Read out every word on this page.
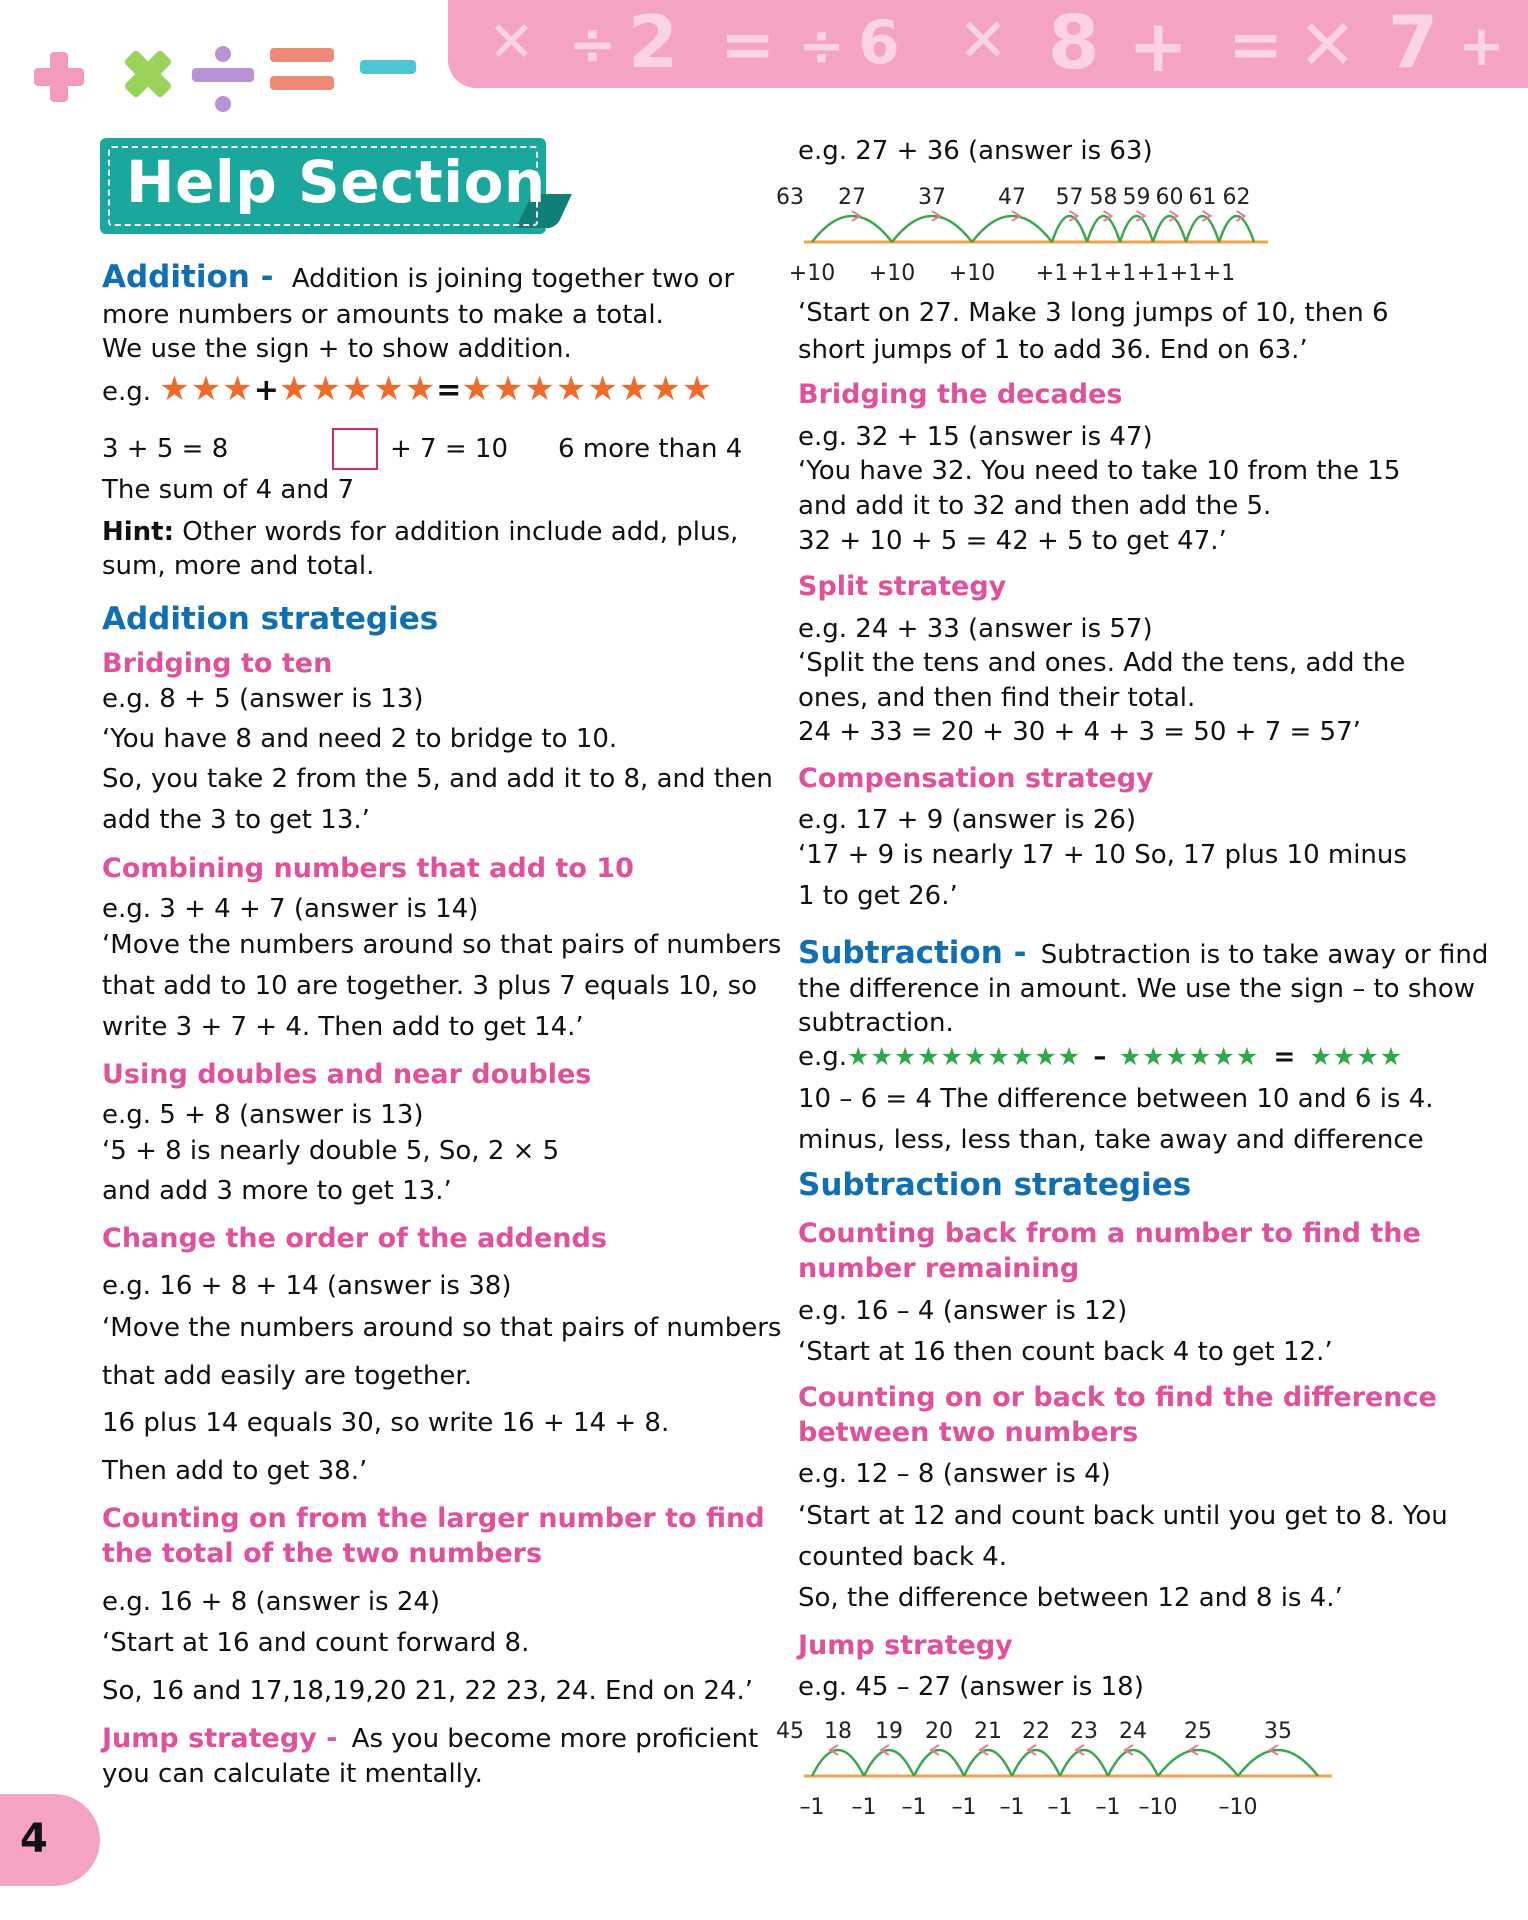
✕ ÷ 2 = ÷ 6 ✕ 8 + = ✕ 7 +
Help Section
Addition - Addition is joining together two or
more numbers or amounts to make a total.
We use the sign + to show addition.
e.g. ★★★+★★★★★=★★★★★★★★
3 + 5 = 8	+ 7 = 10 6 more than 4
The sum of 4 and 7
Hint: Other words for addition include add, plus,
sum, more and total.
Addition strategies
Bridging to ten
e.g. 8 + 5 (answer is 13)
‘You have 8 and need 2 to bridge to 10.
So, you take 2 from the 5, and add it to 8, and then
add the 3 to get 13.’
Combining numbers that add to 10
e.g. 3 + 4 + 7 (answer is 14)
‘Move the numbers around so that pairs of numbers
that add to 10 are together. 3 plus 7 equals 10, so
write 3 + 7 + 4. Then add to get 14.’
Using doubles and near doubles
e.g. 5 + 8 (answer is 13)
‘5 + 8 is nearly double 5, So, 2 × 5
and add 3 more to get 13.’
Change the order of the addends
e.g. 16 + 8 + 14 (answer is 38)
‘Move the numbers around so that pairs of numbers
that add easily are together.
16 plus 14 equals 30, so write 16 + 14 + 8.
Then add to get 38.’
Counting on from the larger number to find
the total of the two numbers
e.g. 16 + 8 (answer is 24)
‘Start at 16 and count forward 8.
So, 16 and 17,18,19,20 21, 22 23, 24. End on 24.’
Jump strategy - As you become more proficient
you can calculate it mentally.
e.g. 27 + 36 (answer is 63)
+10 +10 +10 +1 +1 +1 +1 +1 +1
27 37 47 57 58 59 60 61 62
63
‘Start on 27. Make 3 long jumps of 10, then 6
short jumps of 1 to add 36. End on 63.’
Bridging the decades
e.g. 32 + 15 (answer is 47)
‘You have 32. You need to take 10 from the 15
and add it to 32 and then add the 5.
32 + 10 + 5 = 42 + 5 to get 47.’
Split strategy
e.g. 24 + 33 (answer is 57)
‘Split the tens and ones. Add the tens, add the
ones, and then find their total.
24 + 33 = 20 + 30 + 4 + 3 = 50 + 7 = 57’
Compensation strategy
e.g. 17 + 9 (answer is 26)
‘17 + 9 is nearly 17 + 10 So, 17 plus 10 minus
1 to get 26.’
Subtraction - Subtraction is to take away or find
the difference in amount. We use the sign – to show
subtraction.
e.g.★★★★★★★★★★ – ★★★★★★ = ★★★★
10 – 6 = 4 The difference between 10 and 6 is 4.
minus, less, less than, take away and difference
Subtraction strategies
Counting back from a number to find the
number remaining
e.g. 16 – 4 (answer is 12)
‘Start at 16 then count back 4 to get 12.’
Counting on or back to find the difference
between two numbers
e.g. 12 – 8 (answer is 4)
‘Start at 12 and count back until you get to 8. You
counted back 4.
So, the difference between 12 and 8 is 4.’
Jump strategy
e.g. 45 – 27 (answer is 18)
–1 –1 –1 –1 –1 –1 –1 –10 –10
18 19 20 21 22 23 24 25 35
45
4
